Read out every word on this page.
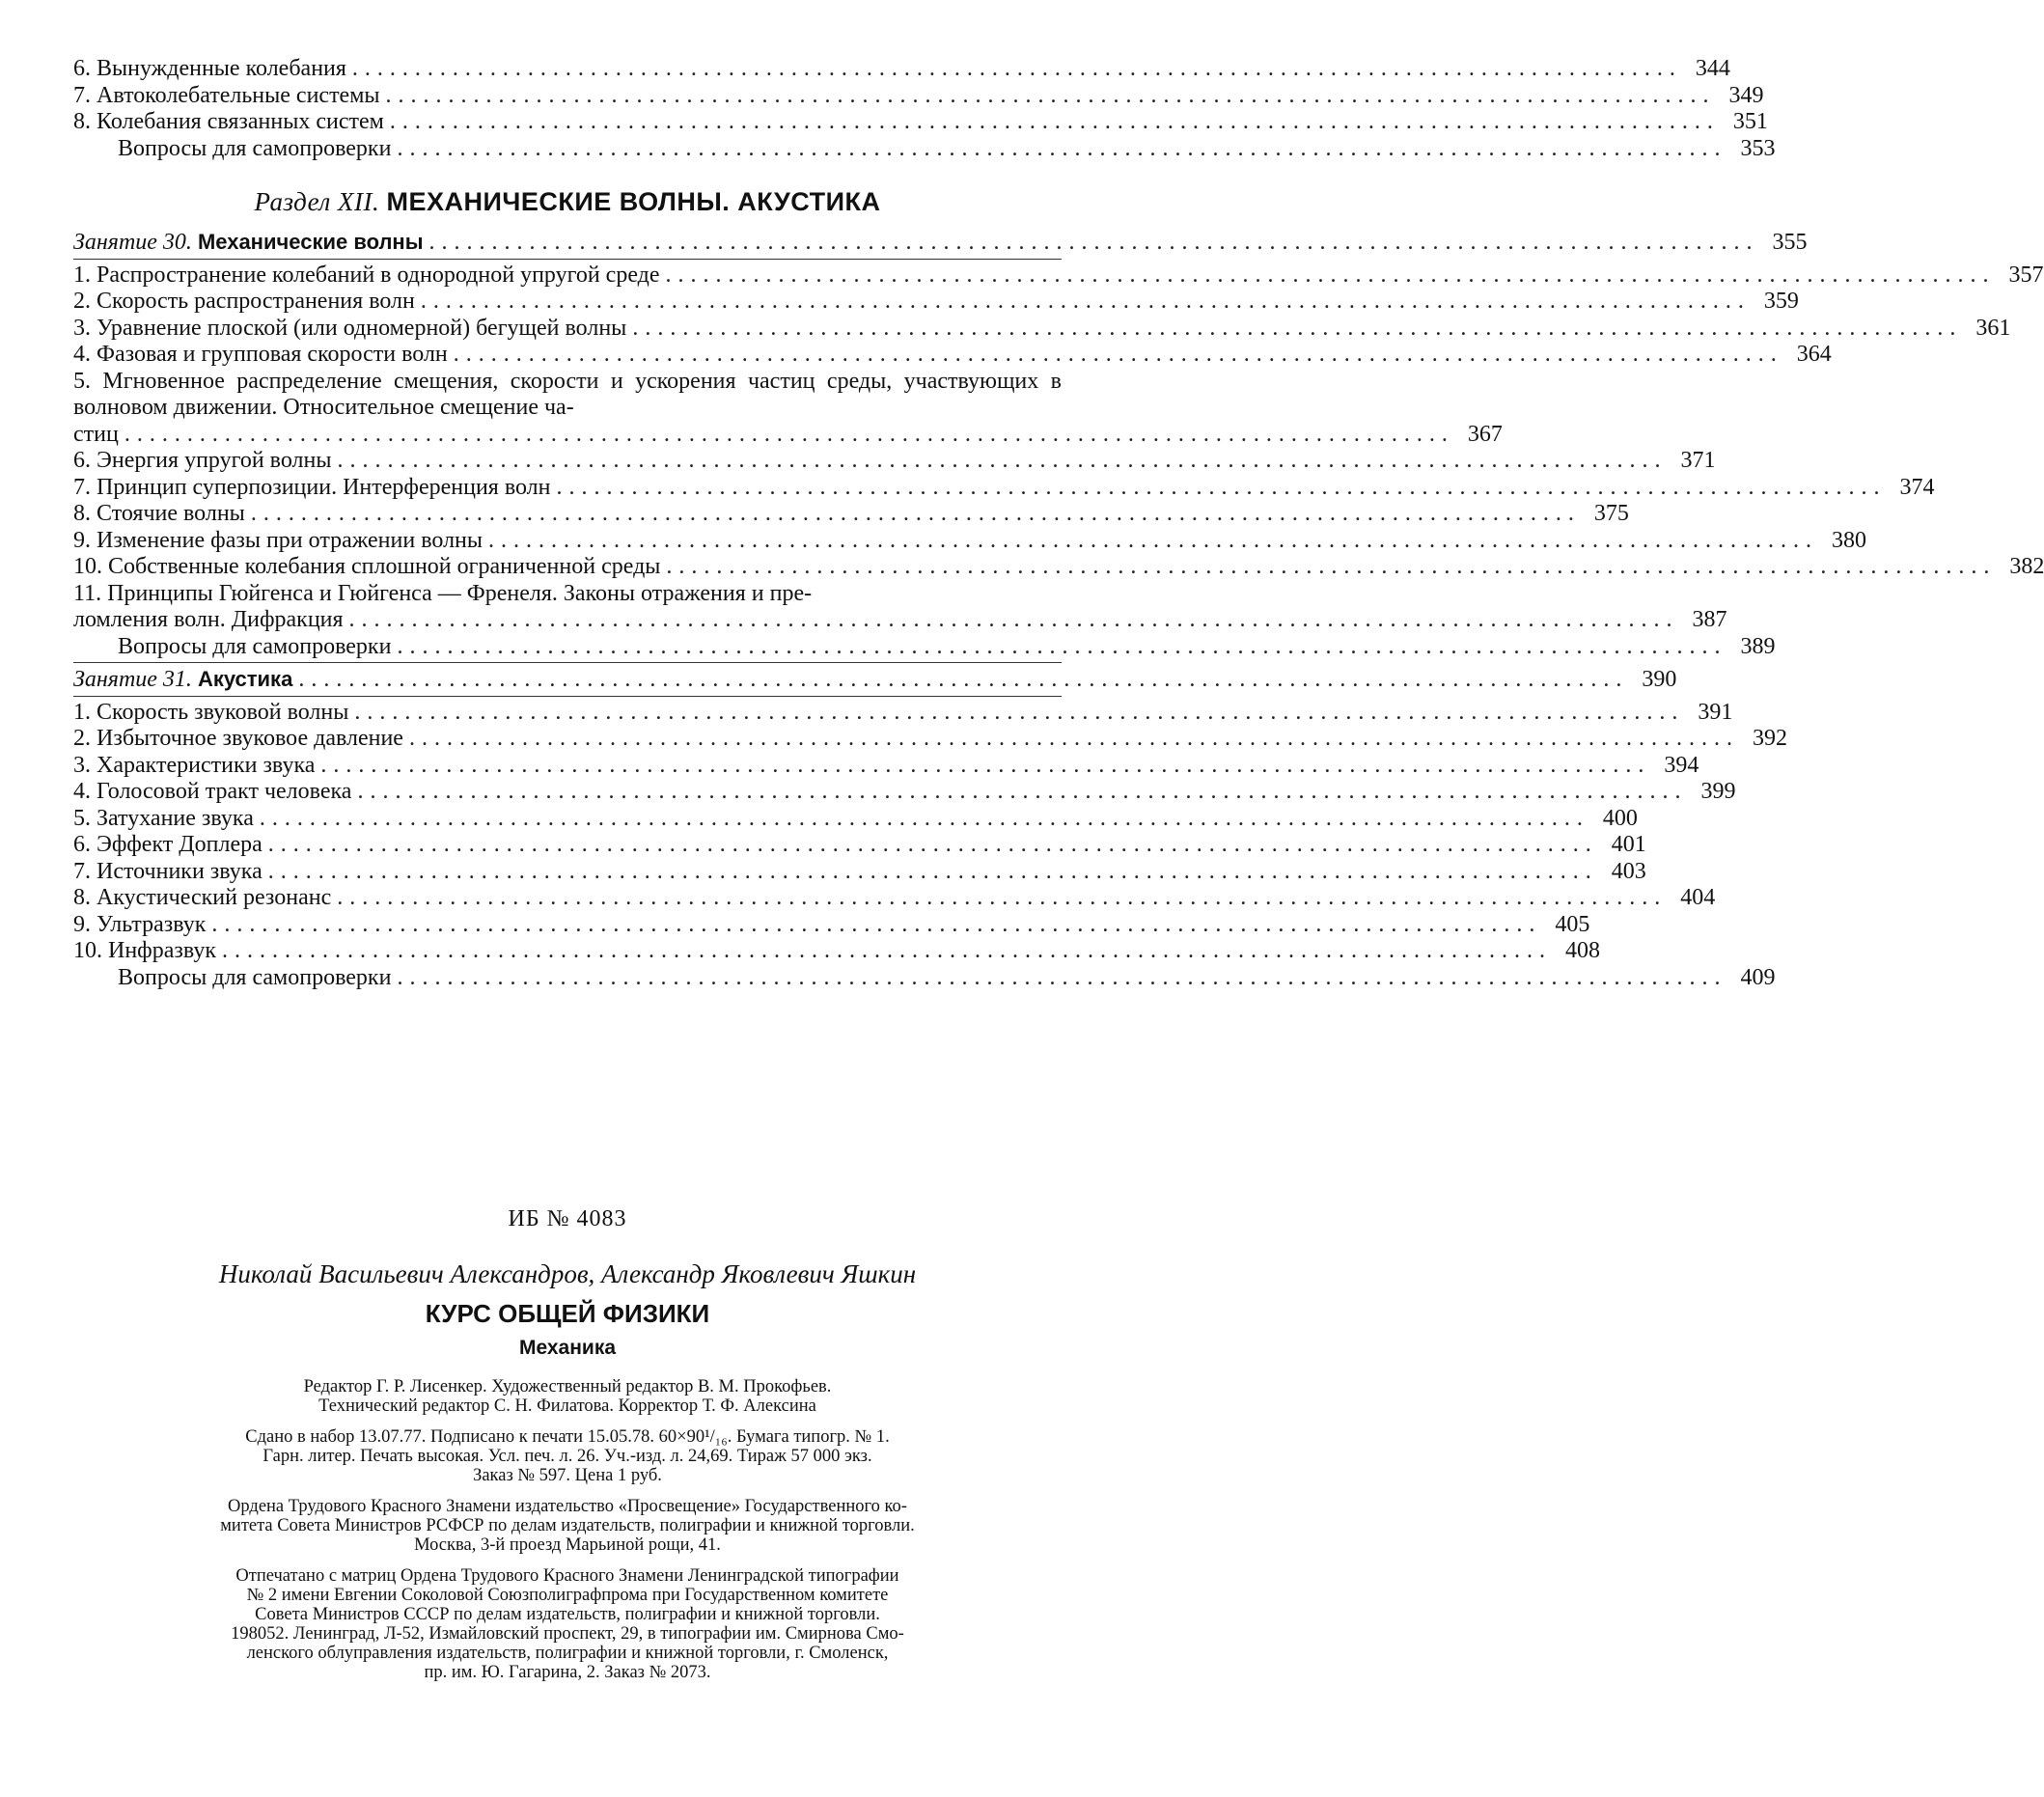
6. Вынужденные колебания .......................................................................................................... 344
7. Автоколебательные системы .......................................................................................................... 349
8. Колебания связанных систем .......................................................................................................... 351
Вопросы для самопроверки .......................................................................................................... 353
Раздел XII. МЕХАНИЧЕСКИЕ ВОЛНЫ. АКУСТИКА
Занятие 30. Механические волны .......................................................................................................... 355
1. Распространение колебаний в однородной упругой среде .......................................................................................................... 357
2. Скорость распространения волн .......................................................................................................... 359
3. Уравнение плоской (или одномерной) бегущей волны .......................................................................................................... 361
4. Фазовая и групповая скорости волн .......................................................................................................... 364
5. Мгновенное распределение смещения, скорости и ускорения частиц среды, участвующих в волновом движении. Относительное смещение ча-
стиц .......................................................................................................... 367
6. Энергия упругой волны .......................................................................................................... 371
7. Принцип суперпозиции. Интерференция волн .......................................................................................................... 374
8. Стоячие волны .......................................................................................................... 375
9. Изменение фазы при отражении волны .......................................................................................................... 380
10. Собственные колебания сплошной ограниченной среды .......................................................................................................... 382
11. Принципы Гюйгенса и Гюйгенса — Френеля. Законы отражения и пре-
ломления волн. Дифракция .......................................................................................................... 387
Вопросы для самопроверки .......................................................................................................... 389
Занятие 31. Акустика .......................................................................................................... 390
1. Скорость звуковой волны .......................................................................................................... 391
2. Избыточное звуковое давление .......................................................................................................... 392
3. Характеристики звука .......................................................................................................... 394
4. Голосовой тракт человека .......................................................................................................... 399
5. Затухание звука .......................................................................................................... 400
6. Эффект Доплера .......................................................................................................... 401
7. Источники звука .......................................................................................................... 403
8. Акустический резонанс .......................................................................................................... 404
9. Ультразвук .......................................................................................................... 405
10. Инфразвук .......................................................................................................... 408
Вопросы для самопроверки .......................................................................................................... 409
ИБ № 4083
Николай Васильевич Александров, Александр Яковлевич Яшкин
КУРС ОБЩЕЙ ФИЗИКИ
Механика

Редактор Г. Р. Лисенкер. Художественный редактор В. М. Прокофьев.

Технический редактор С. Н. Филатова. Корректор Т. Ф. Алексина

Сдано в набор 13.07.77. Подписано к печати 15.05.78. 60×90¹/₁₆. Бумага типогр. № 1.

Гарн. литер. Печать высокая. Усл. печ. л. 26. Уч.-изд. л. 24,69. Тираж 57 000 экз.

Заказ № 597. Цена 1 руб.

Ордена Трудового Красного Знамени издательство «Просвещение» Государственного ко-

митета Совета Министров РСФСР по делам издательств, полиграфии и книжной торговли.

Москва, 3-й проезд Марьиной рощи, 41.

Отпечатано с матриц Ордена Трудового Красного Знамени Ленинградской типографии

№ 2 имени Евгении Соколовой Союзполиграфпрома при Государственном комитете

Совета Министров СССР по делам издательств, полиграфии и книжной торговли.

198052. Ленинград, Л-52, Измайловский проспект, 29, в типографии им. Смирнова Смо-

ленского облуправления издательств, полиграфии и книжной торговли, г. Смоленск,

пр. им. Ю. Гагарина, 2. Заказ № 2073.
